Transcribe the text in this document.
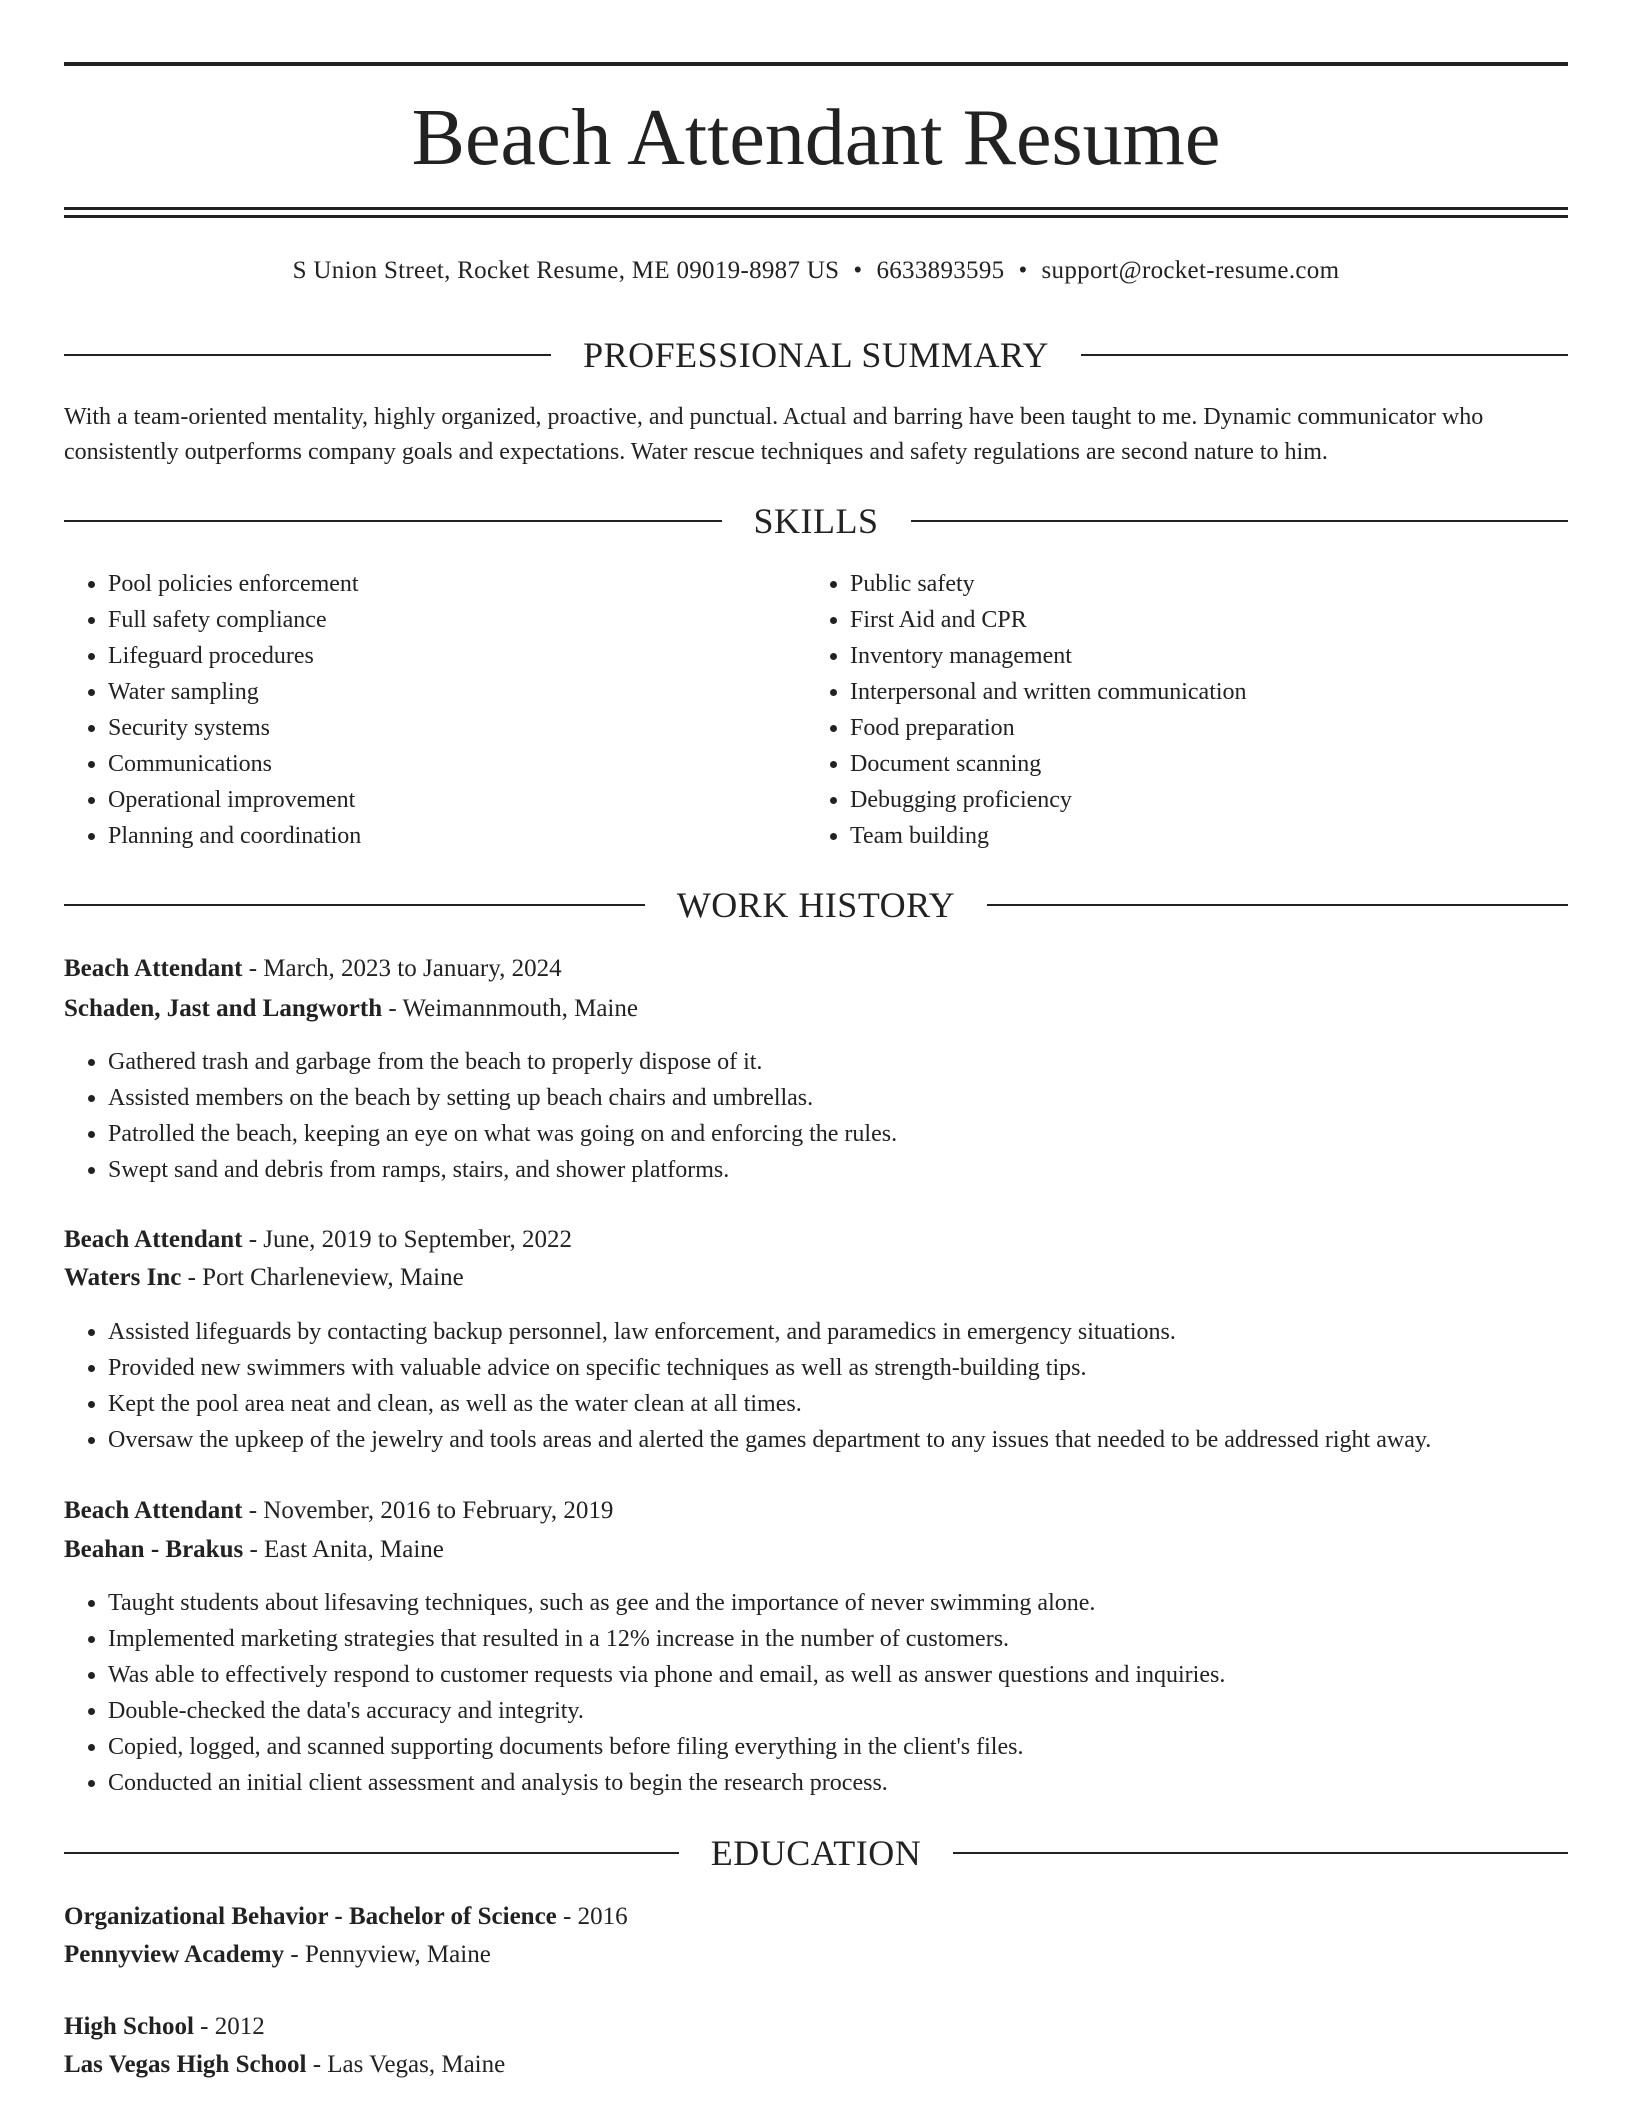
Beach Attendant Resume
S Union Street, Rocket Resume, ME 09019-8987 US • 6633893595 • support@rocket-resume.com
PROFESSIONAL SUMMARY

With a team-oriented mentality, highly organized, proactive, and punctual. Actual and barring have been taught to me. Dynamic communicator who consistently outperforms company goals and expectations. Water rescue techniques and safety regulations are second nature to him.

SKILLS
• Pool policies enforcement
• Full safety compliance
• Lifeguard procedures
• Water sampling
• Security systems
• Communications
• Operational improvement
• Planning and coordination
• Public safety
• First Aid and CPR
• Inventory management
• Interpersonal and written communication
• Food preparation
• Document scanning
• Debugging proficiency
• Team building
WORK HISTORY
Beach Attendant - March, 2023 to January, 2024
Schaden, Jast and Langworth - Weimannmouth, Maine
• Gathered trash and garbage from the beach to properly dispose of it.
• Assisted members on the beach by setting up beach chairs and umbrellas.
• Patrolled the beach, keeping an eye on what was going on and enforcing the rules.
• Swept sand and debris from ramps, stairs, and shower platforms.
Beach Attendant - June, 2019 to September, 2022
Waters Inc - Port Charleneview, Maine
• Assisted lifeguards by contacting backup personnel, law enforcement, and paramedics in emergency situations.
• Provided new swimmers with valuable advice on specific techniques as well as strength-building tips.
• Kept the pool area neat and clean, as well as the water clean at all times.
• Oversaw the upkeep of the jewelry and tools areas and alerted the games department to any issues that needed to be addressed right away.
Beach Attendant - November, 2016 to February, 2019
Beahan - Brakus - East Anita, Maine
• Taught students about lifesaving techniques, such as gee and the importance of never swimming alone.
• Implemented marketing strategies that resulted in a 12% increase in the number of customers.
• Was able to effectively respond to customer requests via phone and email, as well as answer questions and inquiries.
• Double-checked the data's accuracy and integrity.
• Copied, logged, and scanned supporting documents before filing everything in the client's files.
• Conducted an initial client assessment and analysis to begin the research process.
EDUCATION
Organizational Behavior - Bachelor of Science - 2016
Pennyview Academy - Pennyview, Maine
High School - 2012
Las Vegas High School - Las Vegas, Maine
